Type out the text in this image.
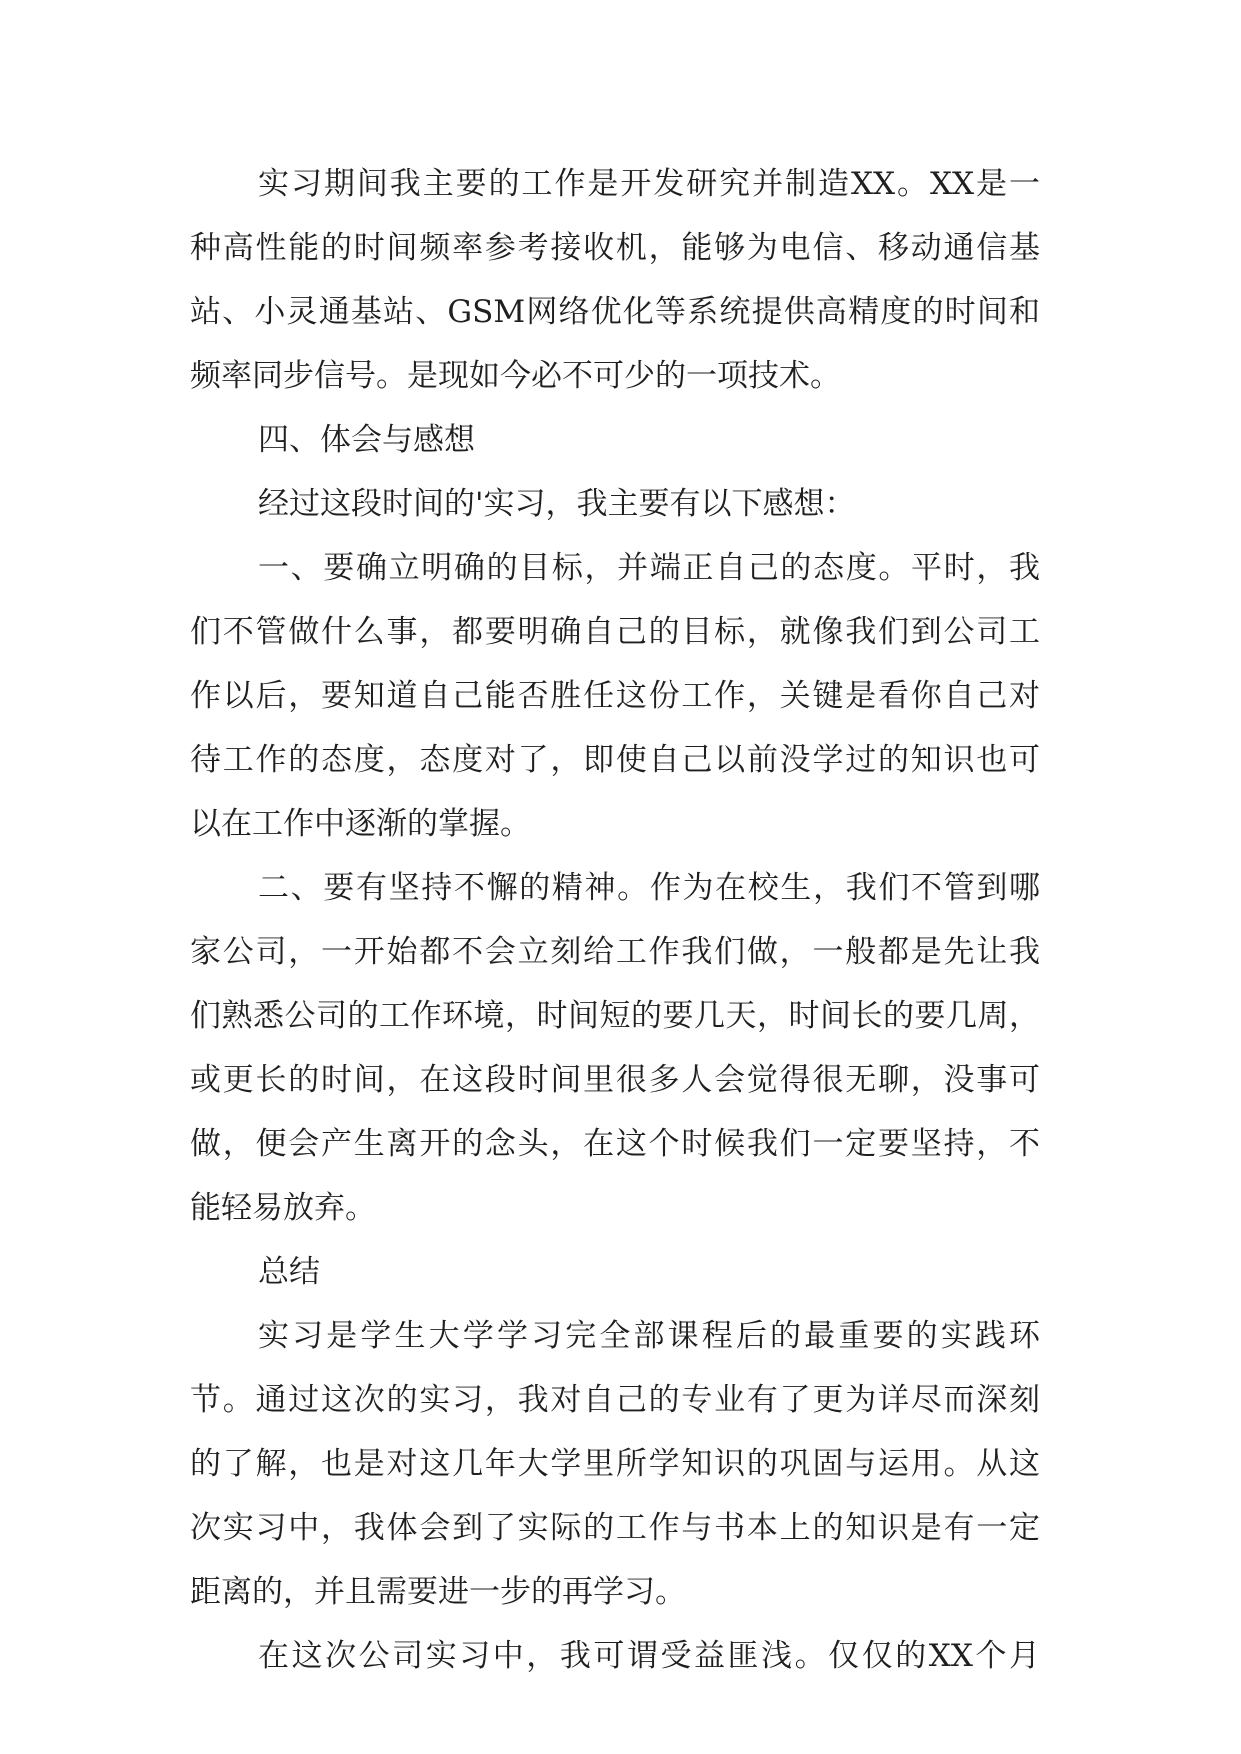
实习期间我主要的工作是开发研究并制造XX。XX是一
种高性能的时间频率参考接收机，能够为电信、移动通信基
站、小灵通基站、GSM网络优化等系统提供高精度的时间和
频率同步信号。是现如今必不可少的一项技术。
四、体会与感想
经过这段时间的'实习，我主要有以下感想：
一、要确立明确的目标，并端正自己的态度。平时，我
们不管做什么事，都要明确自己的目标，就像我们到公司工
作以后，要知道自己能否胜任这份工作，关键是看你自己对
待工作的态度，态度对了，即使自己以前没学过的知识也可
以在工作中逐渐的掌握。
二、要有坚持不懈的精神。作为在校生，我们不管到哪
家公司，一开始都不会立刻给工作我们做，一般都是先让我
们熟悉公司的工作环境，时间短的要几天，时间长的要几周，
或更长的时间，在这段时间里很多人会觉得很无聊，没事可
做，便会产生离开的念头，在这个时候我们一定要坚持，不
能轻易放弃。
总结
实习是学生大学学习完全部课程后的最重要的实践环
节。通过这次的实习，我对自己的专业有了更为详尽而深刻
的了解，也是对这几年大学里所学知识的巩固与运用。从这
次实习中，我体会到了实际的工作与书本上的知识是有一定
距离的，并且需要进一步的再学习。
在这次公司实习中，我可谓受益匪浅。仅仅的XX个月
